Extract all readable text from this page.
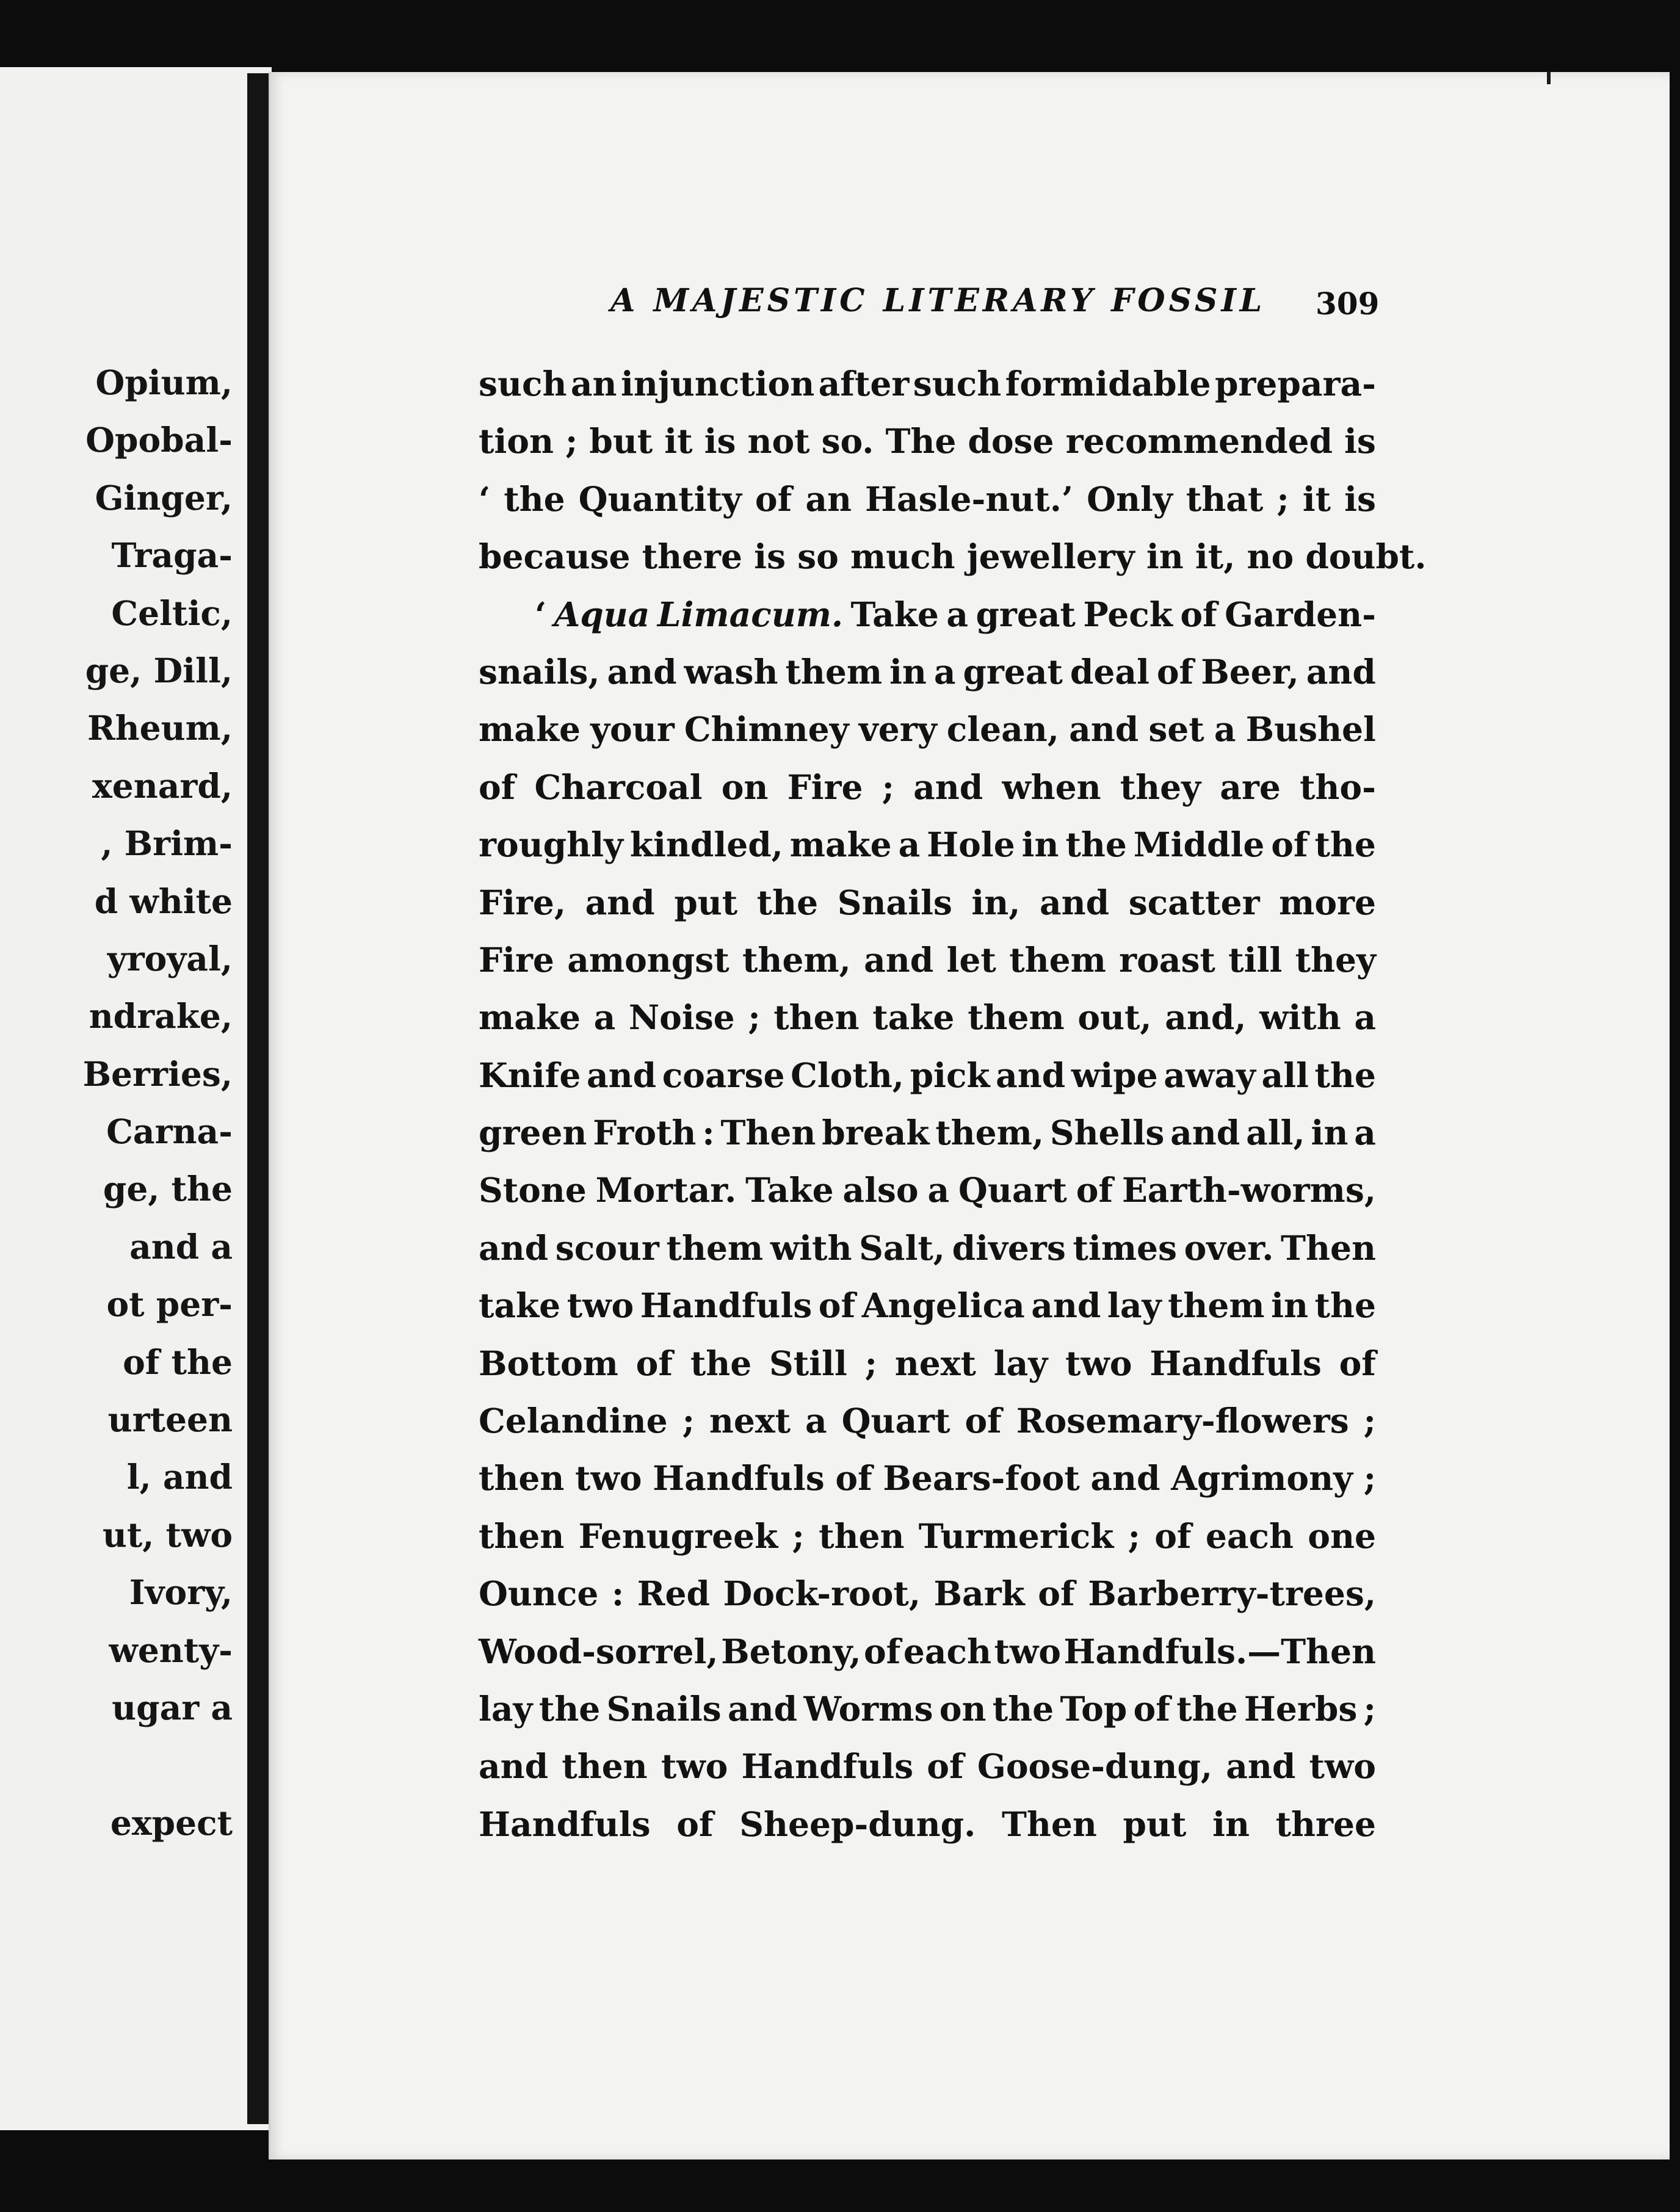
Opium,
Opobal-
Ginger,
Traga-
Celtic,
ge, Dill,
Rheum,
xenard,
, Brim-
d white
yroyal,
ndrake,
Berries,
Carna-
ge, the
and a
ot per-
of the
urteen
l, and
ut, two
Ivory,
wenty-
ugar a
expect
A MAJESTIC LITERARY FOSSIL 309
such an injunction after such formidable prepara-
tion ; but it is not so. The dose recommended is
‘ the Quantity of an Hasle-nut.’ Only that ; it is
because there is so much jewellery in it, no doubt.
‘ Aqua Limacum. Take a great Peck of Garden-
snails, and wash them in a great deal of Beer, and
make your Chimney very clean, and set a Bushel
of Charcoal on Fire ; and when they are tho-
roughly kindled, make a Hole in the Middle of the
Fire, and put the Snails in, and scatter more
Fire amongst them, and let them roast till they
make a Noise ; then take them out, and, with a
Knife and coarse Cloth, pick and wipe away all the
green Froth : Then break them, Shells and all, in a
Stone Mortar. Take also a Quart of Earth-worms,
and scour them with Salt, divers times over. Then
take two Handfuls of Angelica and lay them in the
Bottom of the Still ; next lay two Handfuls of
Celandine ; next a Quart of Rosemary-flowers ;
then two Handfuls of Bears-foot and Agrimony ;
then Fenugreek ; then Turmerick ; of each one
Ounce : Red Dock-root, Bark of Barberry-trees,
Wood-sorrel, Betony, of each two Handfuls.—Then
lay the Snails and Worms on the Top of the Herbs ;
and then two Handfuls of Goose-dung, and two
Handfuls of Sheep-dung. Then put in three
